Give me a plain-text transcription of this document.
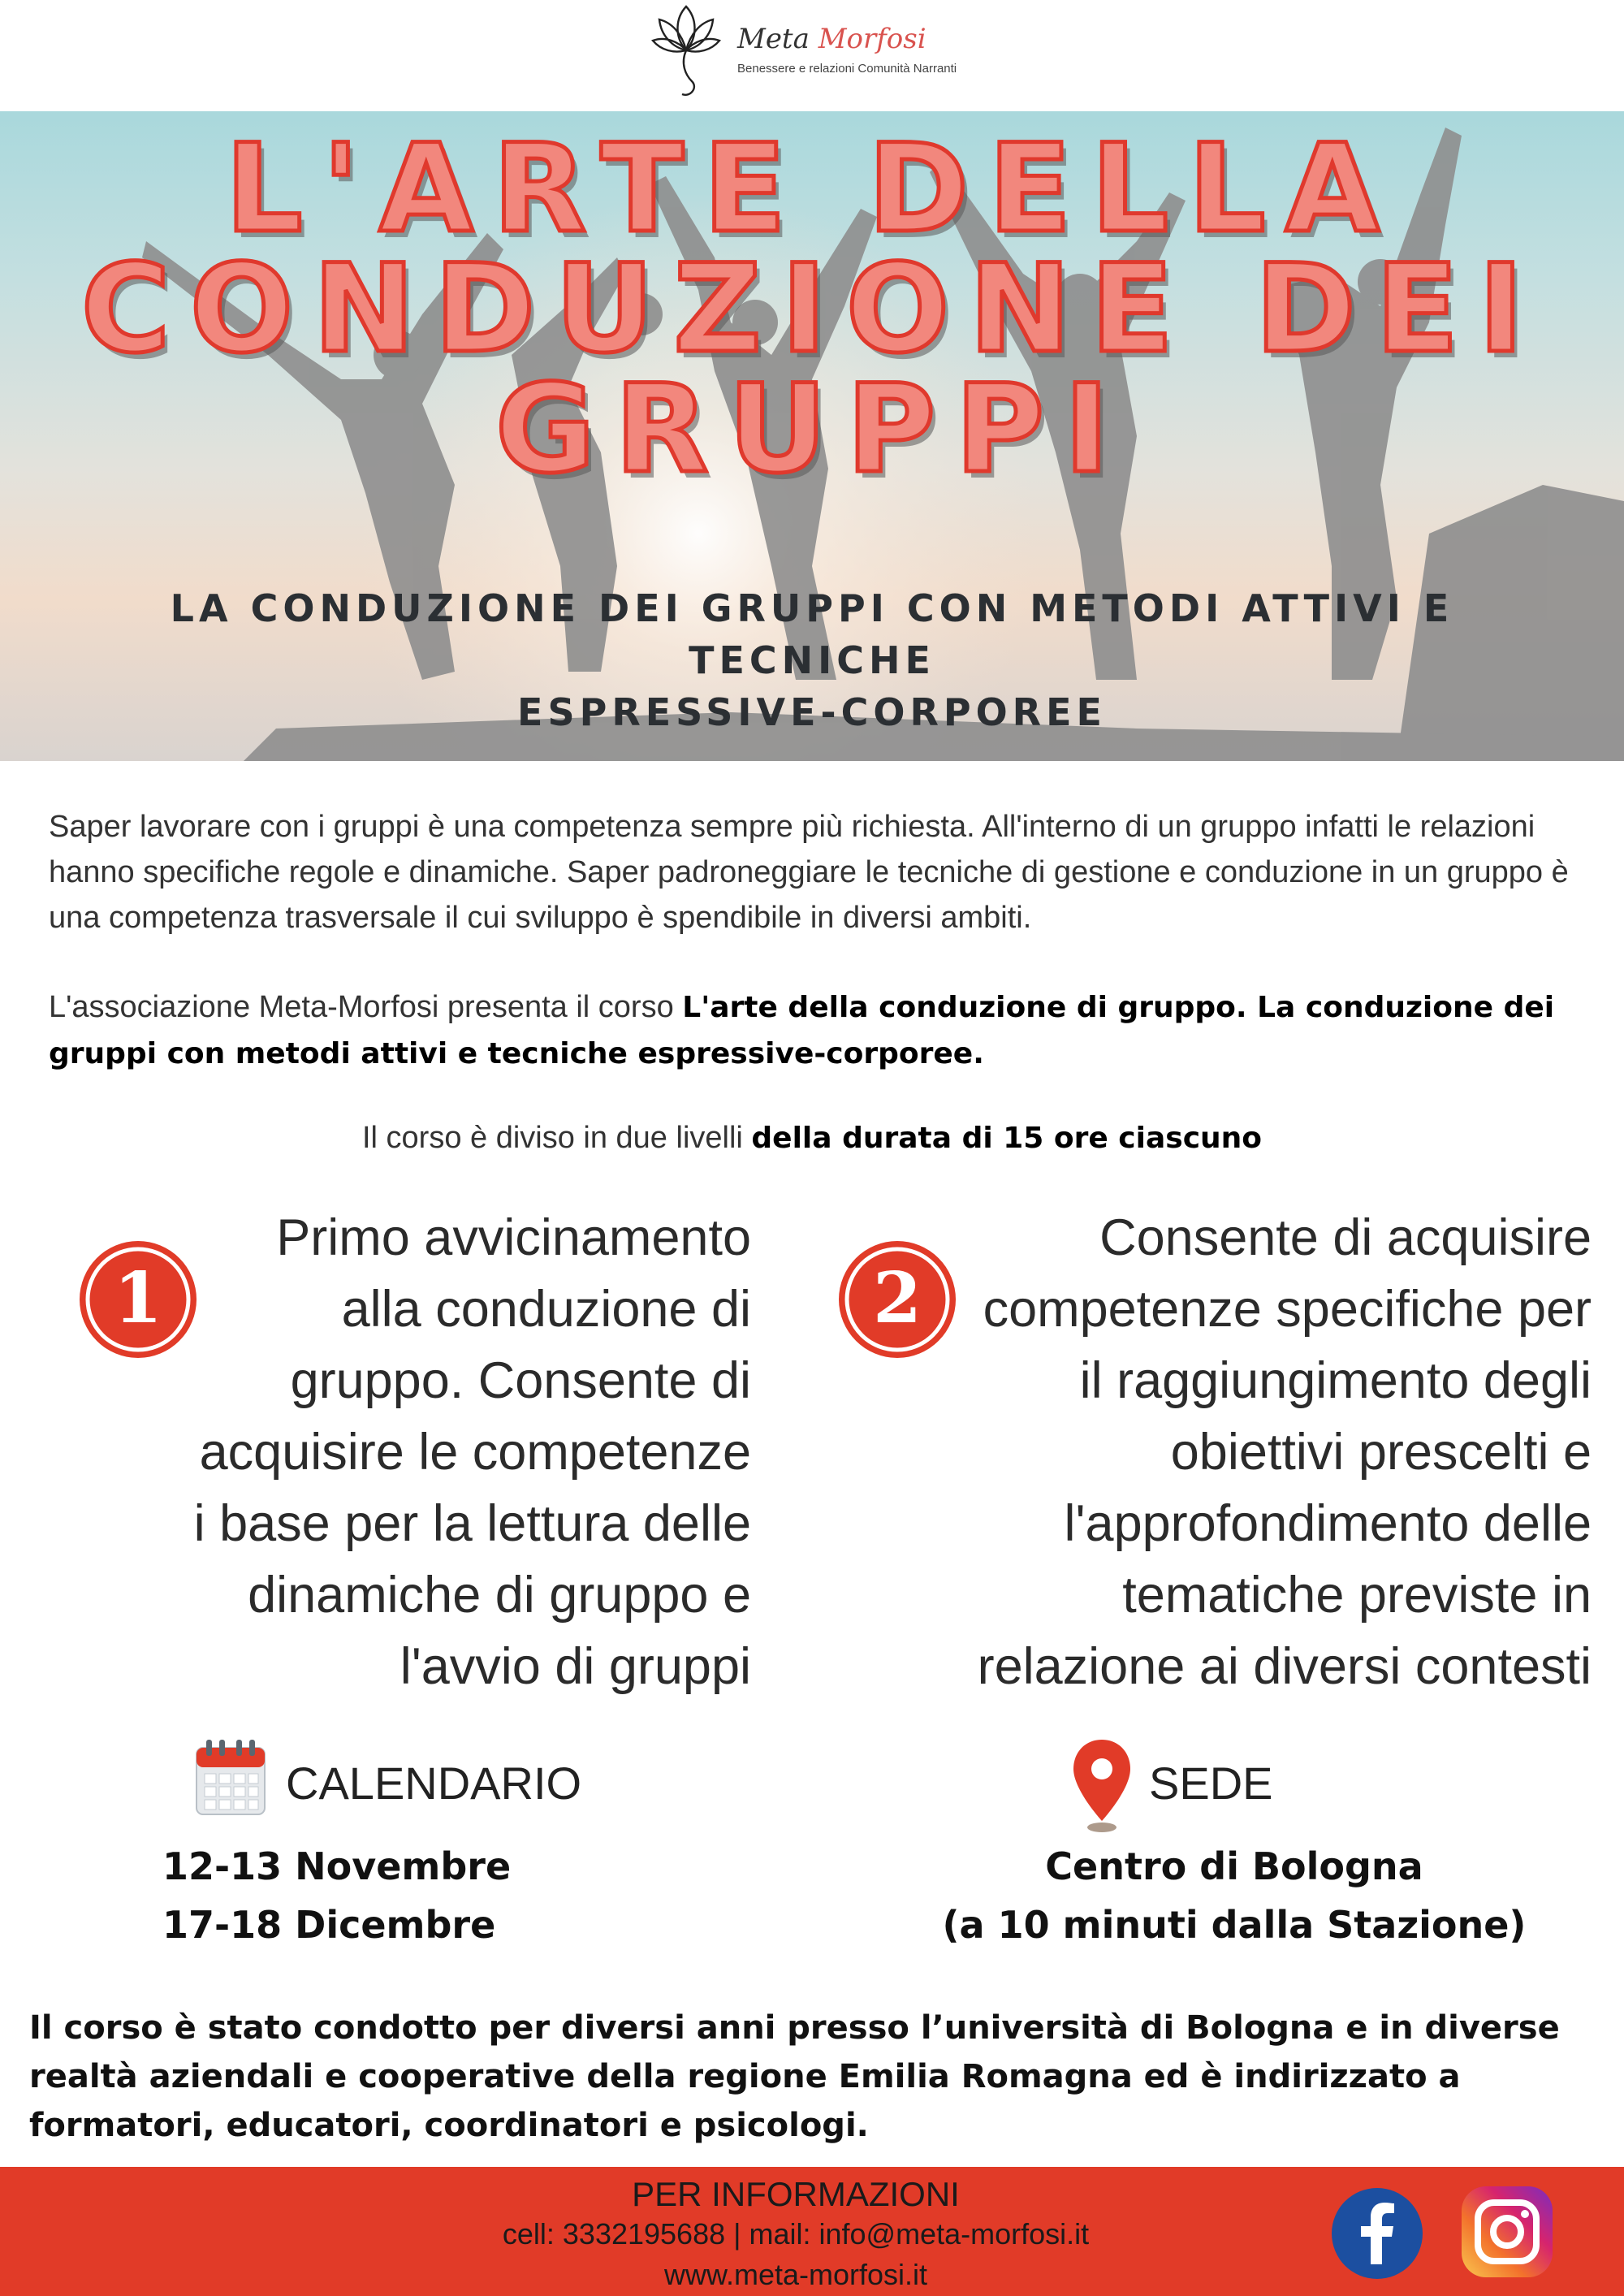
Meta Morfosi
Benessere e relazioni Comunità Narranti
L'ARTE DELLA
CONDUZIONE DEI
GRUPPI
LA CONDUZIONE DEI GRUPPI CON METODI ATTIVI E TECNICHE
ESPRESSIVE-CORPOREE

Saper lavorare con i gruppi è una competenza sempre più richiesta. All'interno di un gruppo infatti le relazioni hanno specifiche regole e dinamiche. Saper padroneggiare le tecniche di gestione e conduzione in un gruppo è una competenza trasversale il cui sviluppo è spendibile in diversi ambiti.

L'associazione Meta-Morfosi presenta il corso L'arte della conduzione di gruppo. La conduzione dei gruppi con metodi attivi e tecniche espressive-corporee.

Il corso è diviso in due livelli della durata di 15 ore ciascuno
1
Primo avvicinamento
alla conduzione di
gruppo. Consente di
acquisire le competenze
i base per la lettura delle
dinamiche di gruppo e
l'avvio di gruppi
2
Consente di acquisire
competenze specifiche per
il raggiungimento degli
obiettivi prescelti e
l'approfondimento delle
tematiche previste in
relazione ai diversi contesti
CALENDARIO
12-13 Novembre
17-18 Dicembre
SEDE
Centro di Bologna
(a 10 minuti dalla Stazione)
Il corso è stato condotto per diversi anni presso l’università di Bologna e in diverse
realtà aziendali e cooperative della regione Emilia Romagna ed è indirizzato a
formatori, educatori, coordinatori e psicologi.
PER INFORMAZIONI
cell: 3332195688 | mail: info@meta-morfosi.it
www.meta-morfosi.it
